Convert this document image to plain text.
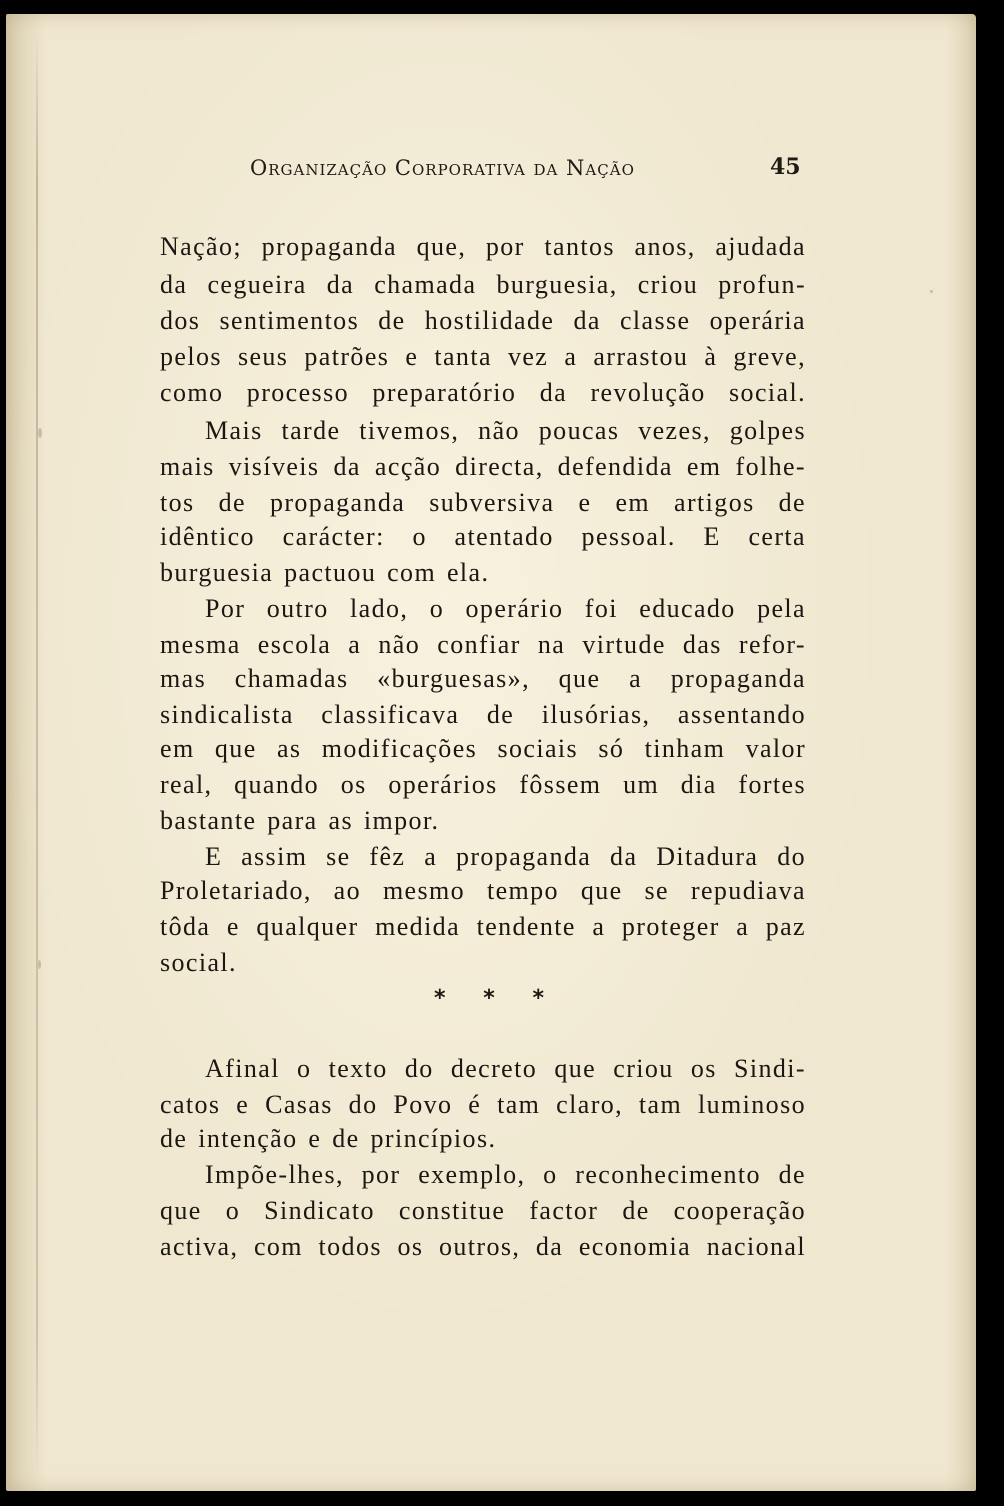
Organização Corporativa da Nação	45
Nação; propaganda que, por tantos anos, ajudada
da cegueira da chamada burguesia, criou profun-
dos sentimentos de hostilidade da classe operária
pelos seus patrões e tanta vez a arrastou à greve,
como processo preparatório da revolução social.
Mais tarde tivemos, não poucas vezes, golpes
mais visíveis da acção directa, defendida em folhe-
tos de propaganda subversiva e em artigos de
idêntico carácter: o atentado pessoal. E certa
burguesia pactuou com ela.
Por outro lado, o operário foi educado pela
mesma escola a não confiar na virtude das refor-
mas chamadas «burguesas», que a propaganda
sindicalista classificava de ilusórias, assentando
em que as modificações sociais só tinham valor
real, quando os operários fôssem um dia fortes
bastante para as impor.
E assim se fêz a propaganda da Ditadura do
Proletariado, ao mesmo tempo que se repudiava
tôda e qualquer medida tendente a proteger a paz
social.
* * *
Afinal o texto do decreto que criou os Sindi-
catos e Casas do Povo é tam claro, tam luminoso
de intenção e de princípios.
Impõe-lhes, por exemplo, o reconhecimento de
que o Sindicato constitue factor de cooperação
activa, com todos os outros, da economia nacional
